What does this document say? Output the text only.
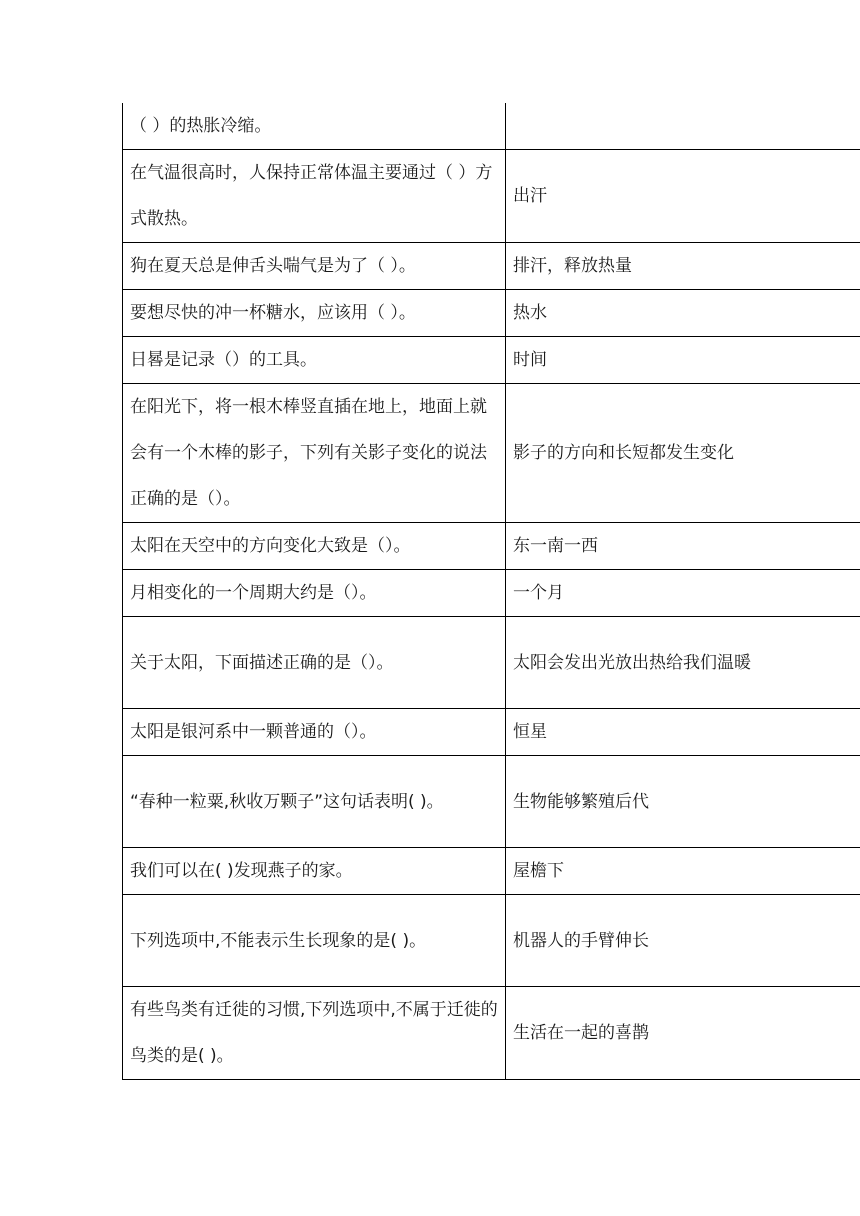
（ ）的热胀冷缩。	
在气温很高时，人保持正常体温主要通过（ ）方式散热。	出汗
狗在夏天总是伸舌头喘气是为了（ ）。	排汗，释放热量
要想尽快的冲一杯糖水，应该用（ ）。	热水
日晷是记录（）的工具。	时间
在阳光下，将一根木棒竖直插在地上，地面上就会有一个木棒的影子，下列有关影子变化的说法正确的是（）。	影子的方向和长短都发生变化
太阳在天空中的方向变化大致是（）。	东一南一西
月相变化的一个周期大约是（）。	一个月
关于太阳，下面描述正确的是（）。	太阳会发出光放出热给我们温暖
太阳是银河系中一颗普通的（）。	恒星
“春种一粒粟,秋收万颗子”这句话表明( )。	生物能够繁殖后代
我们可以在( )发现燕子的家。	屋檐下
下列选项中,不能表示生长现象的是( )。	机器人的手臂伸长
有些鸟类有迁徙的习惯,下列选项中,不属于迁徙的鸟类的是( )。	生活在一起的喜鹊
